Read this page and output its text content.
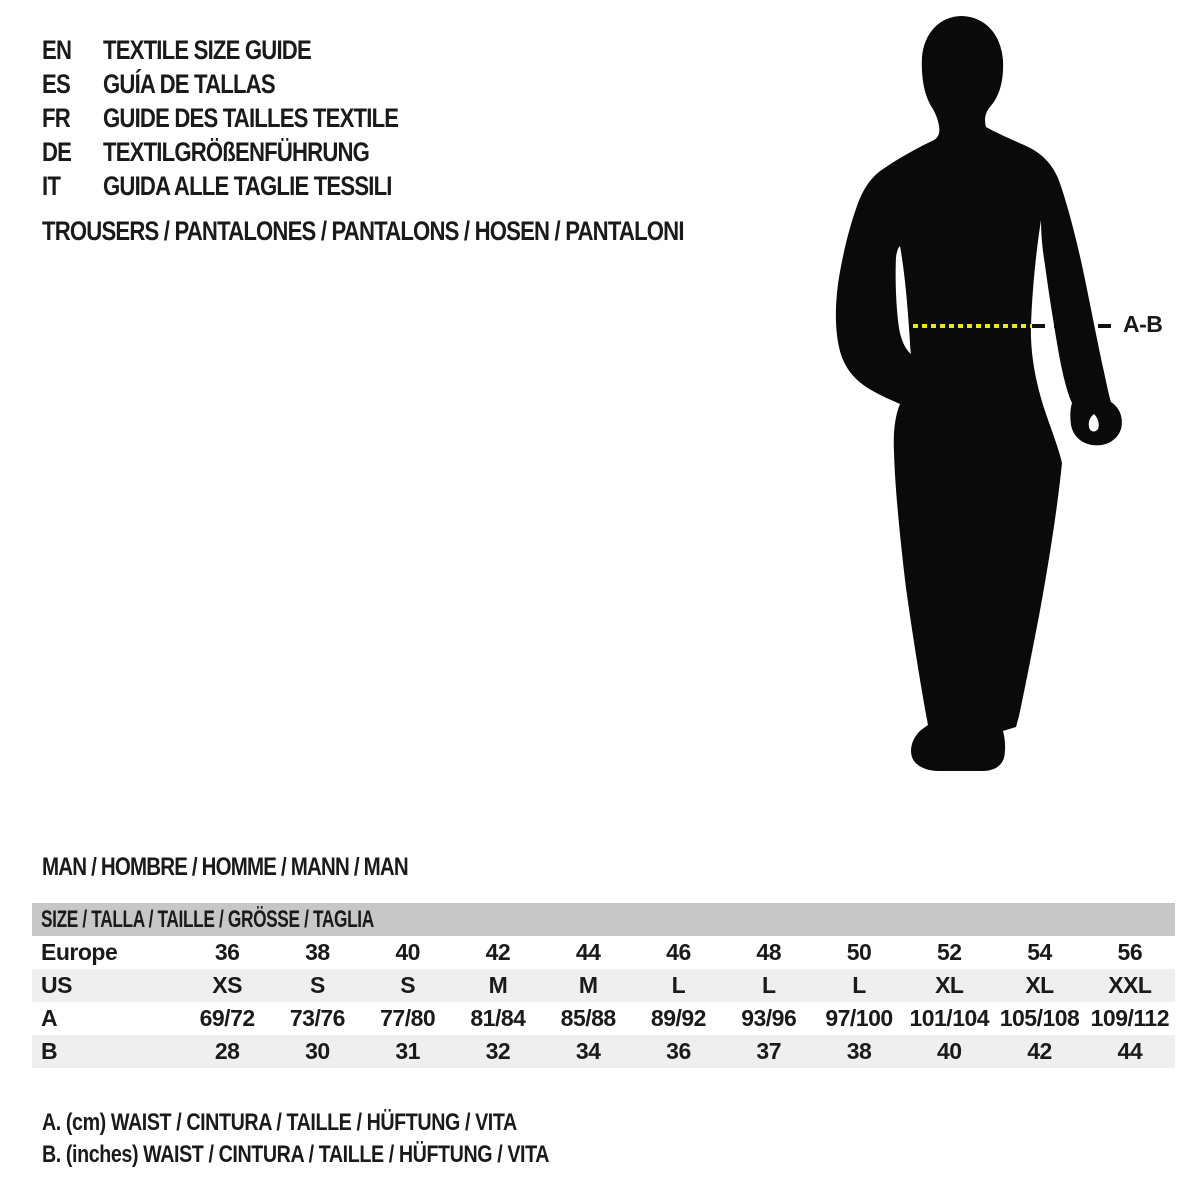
EN TEXTILE SIZE GUIDE
ES GUÍA DE TALLAS
FR GUIDE DES TAILLES TEXTILE
DE TEXTILGRÖßENFÜHRUNG
IT GUIDA ALLE TAGLIE TESSILI
TROUSERS / PANTALONES / PANTALONS / HOSEN / PANTALONI
A-B
MAN / HOMBRE / HOMME / MANN / MAN
SIZE / TALLA / TAILLE / GRÖSSE / TAGLIA											
Europe	36	38	40	42	44	46	48	50	52	54	56
US	XS	S	S	M	M	L	L	L	XL	XL	XXL
A	69/72	73/76	77/80	81/84	85/88	89/92	93/96	97/100	101/104	105/108	109/112
B	28	30	31	32	34	36	37	38	40	42	44
A. (cm) WAIST / CINTURA / TAILLE / HÜFTUNG / VITA
B. (inches) WAIST / CINTURA / TAILLE / HÜFTUNG / VITA
